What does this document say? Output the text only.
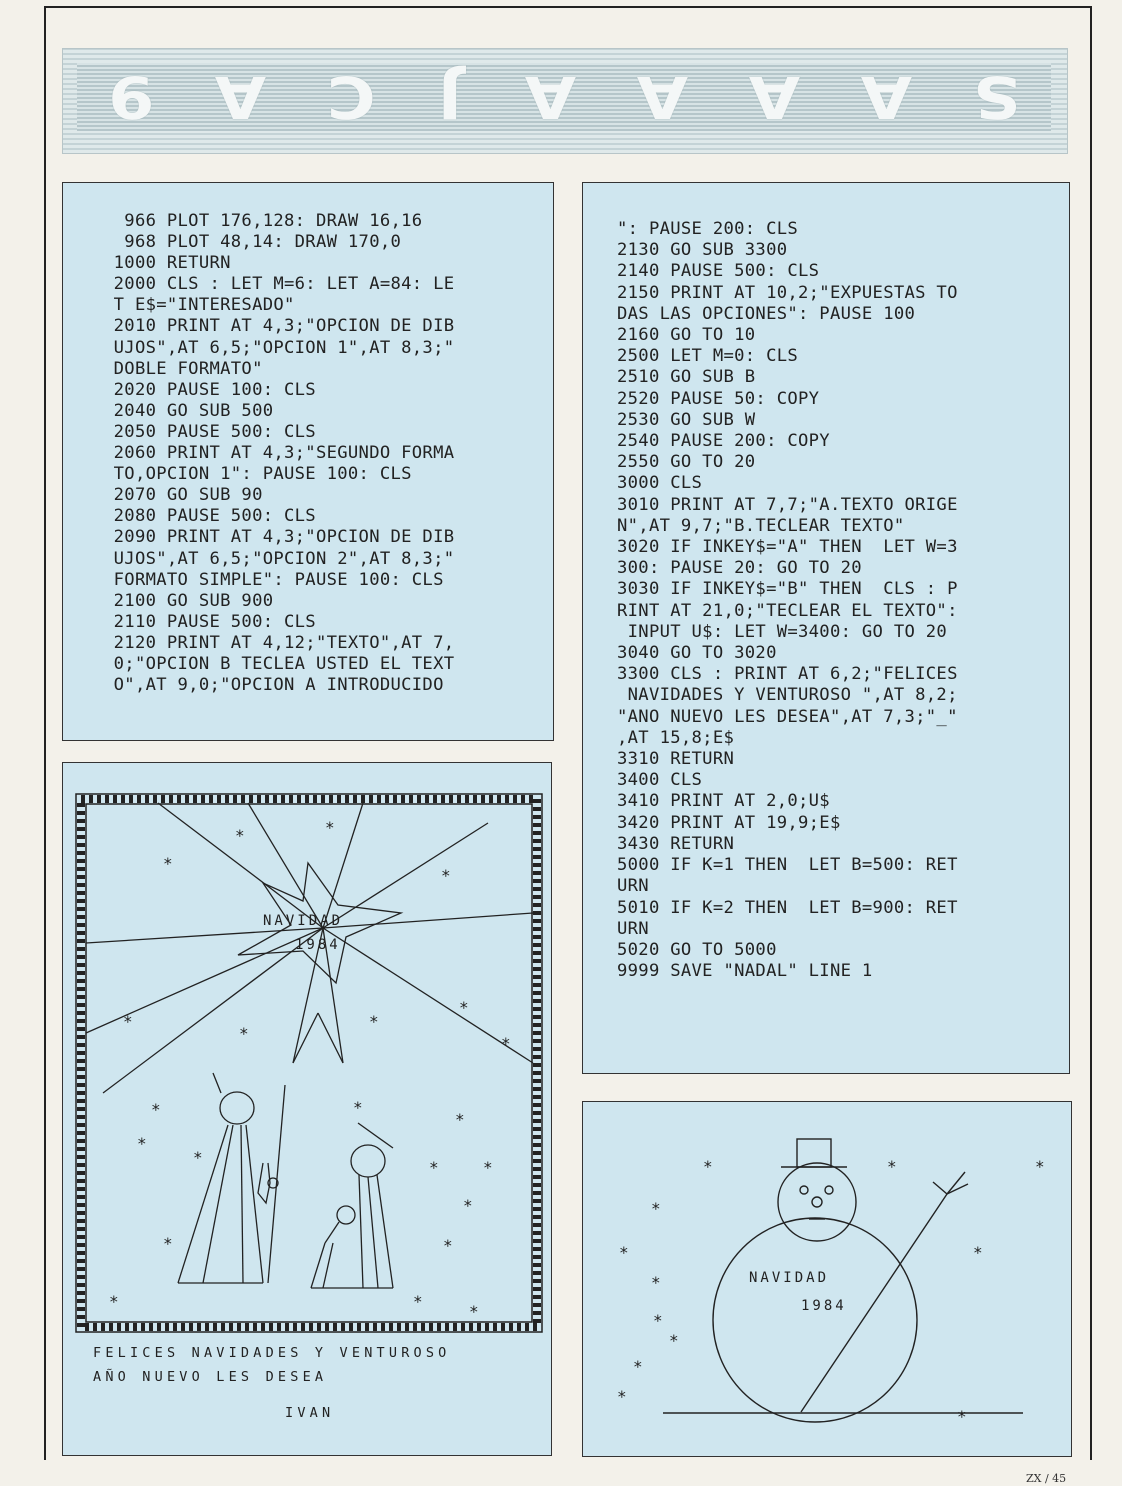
9 A C J A A A A S
966 PLOT 176,128: DRAW 16,16
968 PLOT 48,14: DRAW 170,0
1000 RETURN
2000 CLS : LET M=6: LET A=84: LE
T E$="INTERESADO"
2010 PRINT AT 4,3;"OPCION DE DIB
UJOS",AT 6,5;"OPCION 1",AT 8,3;"
DOBLE FORMATO"
2020 PAUSE 100: CLS
2040 GO SUB 500
2050 PAUSE 500: CLS
2060 PRINT AT 4,3;"SEGUNDO FORMA
TO,OPCION 1": PAUSE 100: CLS
2070 GO SUB 90
2080 PAUSE 500: CLS
2090 PRINT AT 4,3;"OPCION DE DIB
UJOS",AT 6,5;"OPCION 2",AT 8,3;"
FORMATO SIMPLE": PAUSE 100: CLS
2100 GO SUB 900
2110 PAUSE 500: CLS
2120 PRINT AT 4,12;"TEXTO",AT 7,
0;"OPCION B TECLEA USTED EL TEXT
O",AT 9,0;"OPCION A INTRODUCIDO
": PAUSE 200: CLS
2130 GO SUB 3300
2140 PAUSE 500: CLS
2150 PRINT AT 10,2;"EXPUESTAS TO
DAS LAS OPCIONES": PAUSE 100
2160 GO TO 10
2500 LET M=0: CLS
2510 GO SUB B
2520 PAUSE 50: COPY
2530 GO SUB W
2540 PAUSE 200: COPY
2550 GO TO 20
3000 CLS
3010 PRINT AT 7,7;"A.TEXTO ORIGE
N",AT 9,7;"B.TECLEAR TEXTO"
3020 IF INKEY$="A" THEN  LET W=3
300: PAUSE 20: GO TO 20
3030 IF INKEY$="B" THEN  CLS : P
RINT AT 21,0;"TECLEAR EL TEXTO":
INPUT U$: LET W=3400: GO TO 20
3040 GO TO 3020
3300 CLS : PRINT AT 6,2;"FELICES
NAVIDADES Y VENTUROSO ",AT 8,2;
"ANO NUEVO LES DESEA",AT 7,3;"_"
,AT 15,8;E$
3310 RETURN
3400 CLS
3410 PRINT AT 2,0;U$
3420 PRINT AT 19,9;E$
3430 RETURN
5000 IF K=1 THEN  LET B=500: RET
URN
5010 IF K=2 THEN  LET B=900: RET
URN
5020 GO TO 5000
9999 SAVE "NADAL" LINE 1
NAVIDAD
1984
*	*
*
*
*
*
*
*
*
*	*
*
*
*
*	*
*	*
*
*	*
*
FELICES NAVIDADES Y VENTUROSO
AÑO NUEVO LES DESEA
IVAN
NAVIDAD
1984
*	*	*
*
*	*
*
*
*
*
*
*
ZX / 45
